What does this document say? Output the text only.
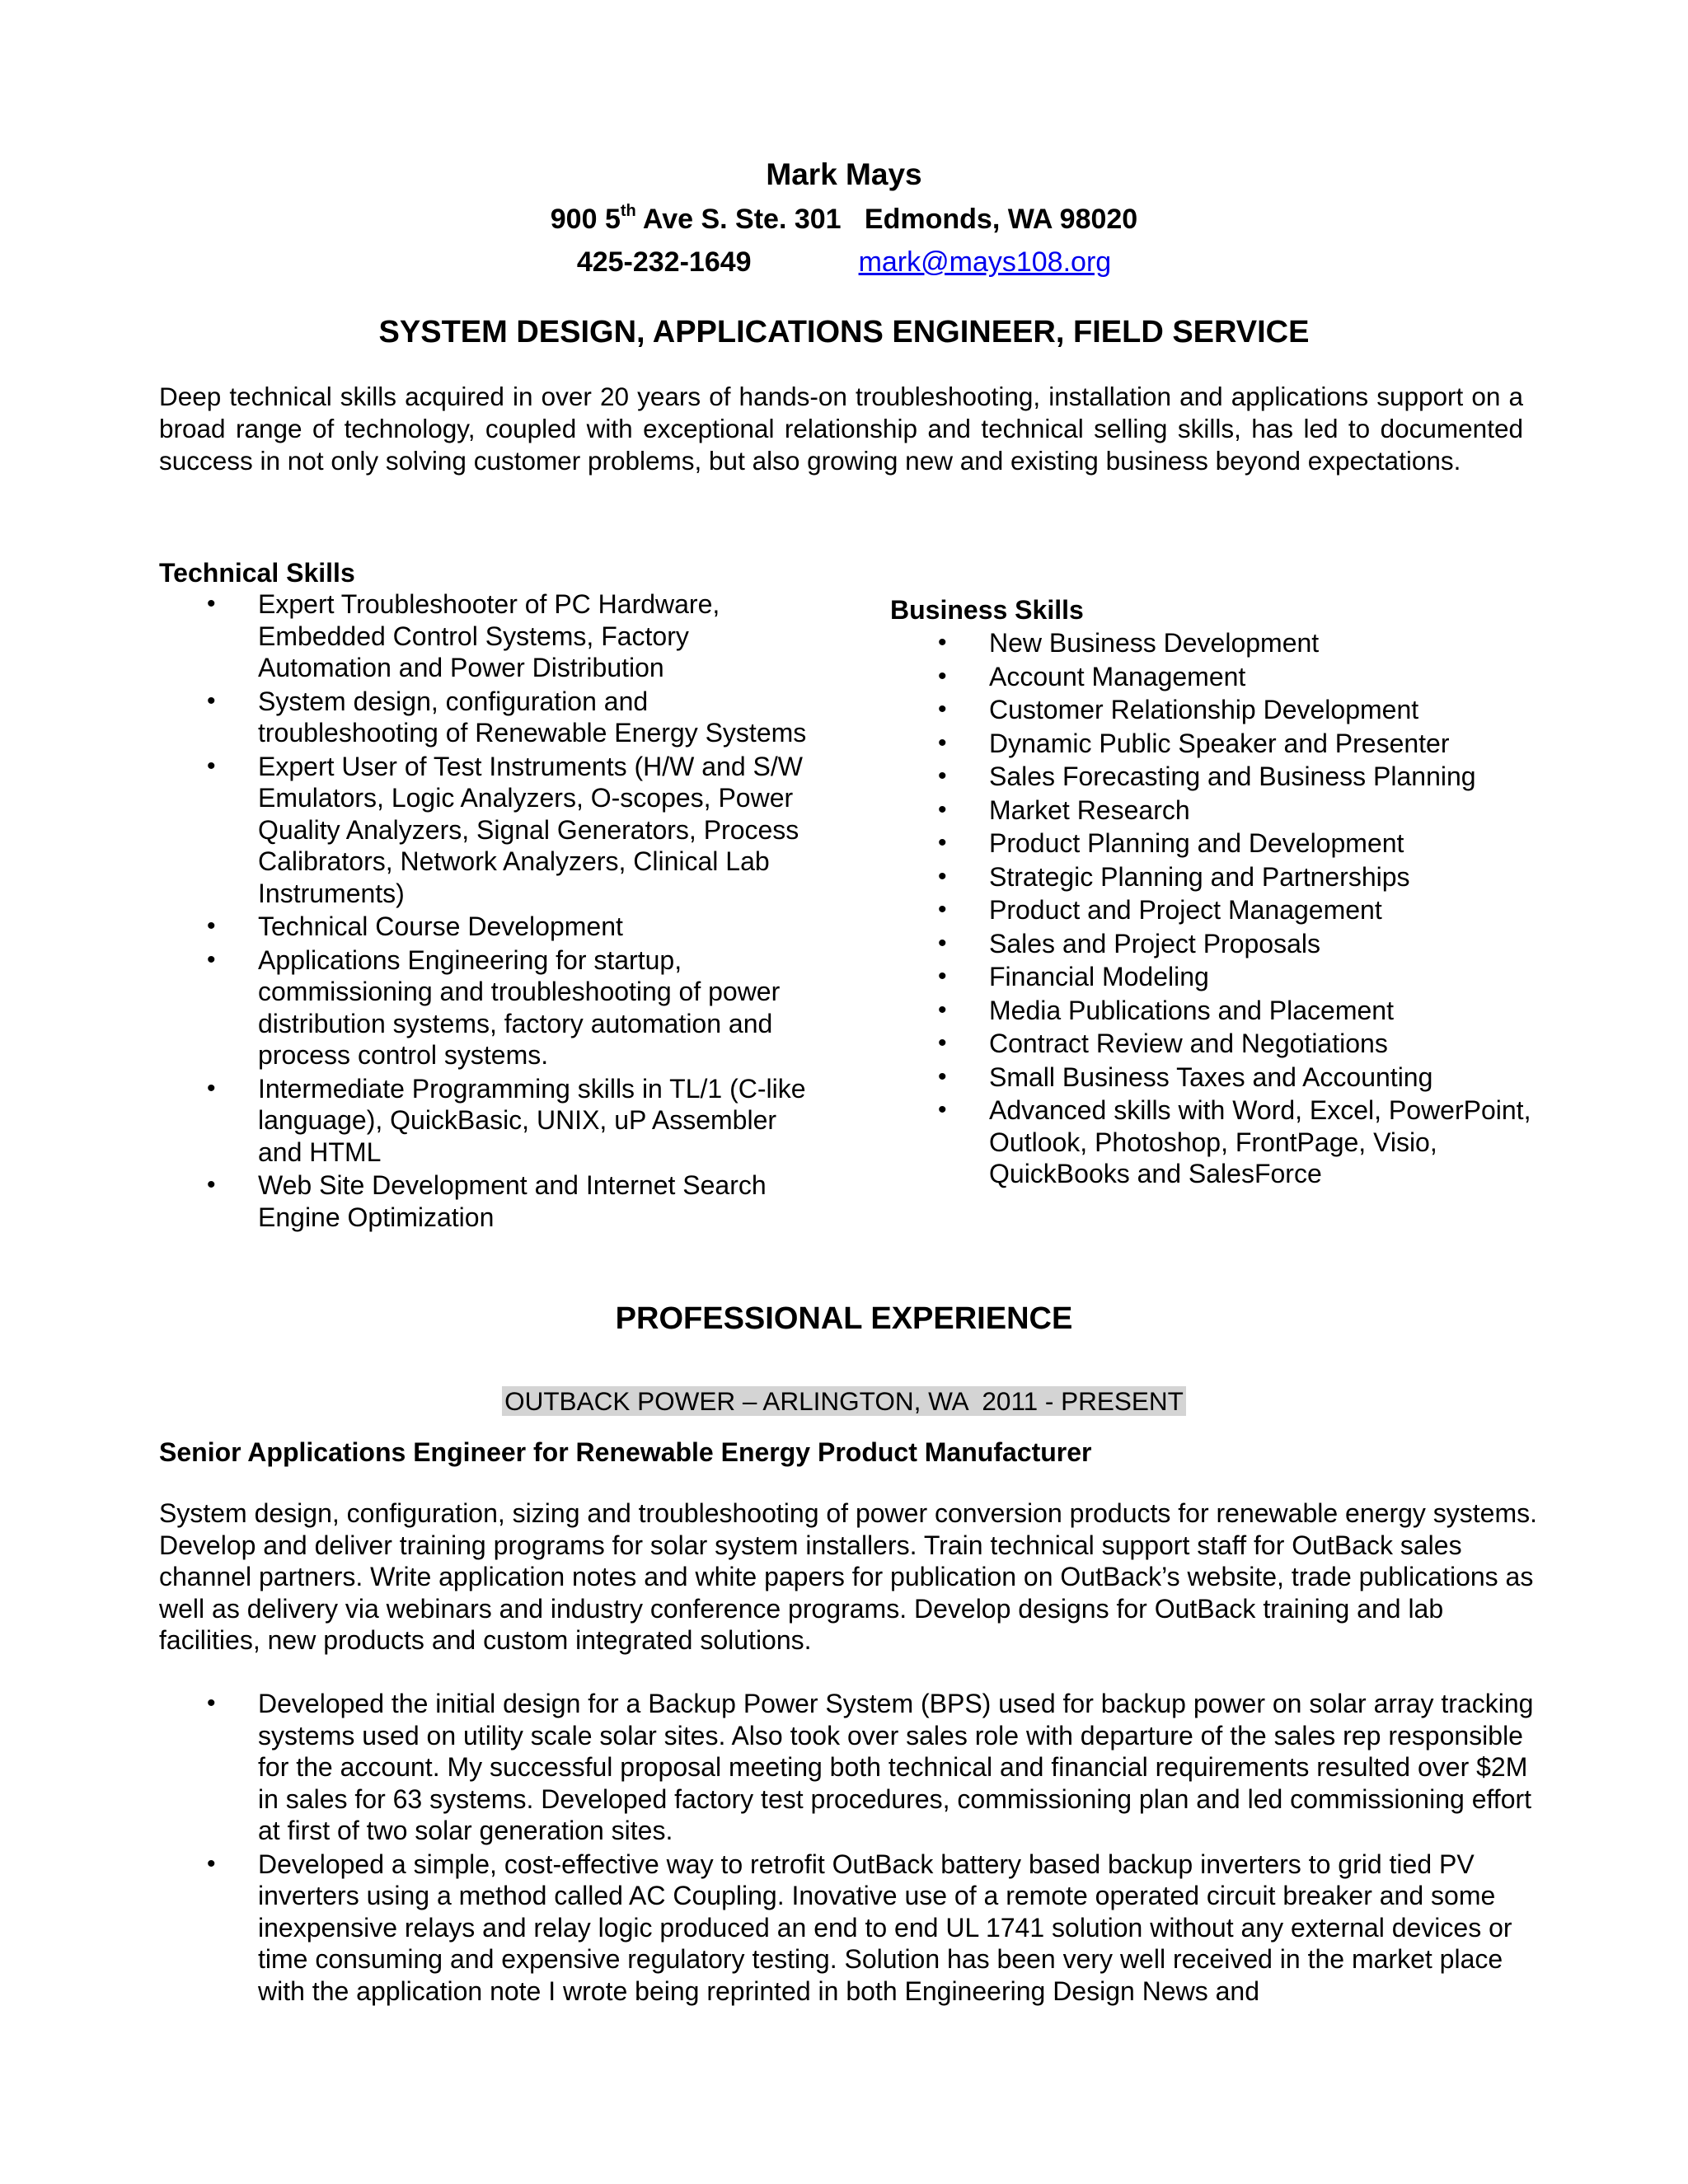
Mark Mays
900 5th Ave S. Ste. 301   Edmonds, WA 98020
425-232-1649	mark@mays108.org
SYSTEM DESIGN, APPLICATIONS ENGINEER, FIELD SERVICE

Deep technical skills acquired in over 20 years of hands-on troubleshooting, installation and applications support on a broad range of technology, coupled with exceptional relationship and technical selling skills, has led to documented success in not only solving customer problems, but also growing new and existing business beyond expectations.

Technical Skills
• Expert Troubleshooter of PC Hardware, Embedded Control Systems, Factory Automation and Power Distribution
• System design, configuration and troubleshooting of Renewable Energy Systems
• Expert User of Test Instruments (H/W and S/W Emulators, Logic Analyzers, O-scopes, Power Quality Analyzers, Signal Generators, Process Calibrators, Network Analyzers, Clinical Lab Instruments)
• Technical Course Development
• Applications Engineering for startup, commissioning and troubleshooting of power distribution systems, factory automation and process control systems.
• Intermediate Programming skills in TL/1 (C-like language), QuickBasic, UNIX, uP Assembler and HTML
• Web Site Development and Internet Search Engine Optimization
Business Skills
• New Business Development
• Account Management
• Customer Relationship Development
• Dynamic Public Speaker and Presenter
• Sales Forecasting and Business Planning
• Market Research
• Product Planning and Development
• Strategic Planning and Partnerships
• Product and Project Management
• Sales and Project Proposals
• Financial Modeling
• Media Publications and Placement
• Contract Review and Negotiations
• Small Business Taxes and Accounting
• Advanced skills with Word, Excel, PowerPoint, Outlook, Photoshop, FrontPage, Visio, QuickBooks and SalesForce
PROFESSIONAL EXPERIENCE
OUTBACK POWER – ARLINGTON, WA  2011 - PRESENT
Senior Applications Engineer for Renewable Energy Product Manufacturer

System design, configuration, sizing and troubleshooting of power conversion products for renewable energy systems. Develop and deliver training programs for solar system installers. Train technical support staff for OutBack sales channel partners. Write application notes and white papers for publication on OutBack’s website, trade publications as well as delivery via webinars and industry conference programs. Develop designs for OutBack training and lab facilities, new products and custom integrated solutions.

• Developed the initial design for a Backup Power System (BPS) used for backup power on solar array tracking systems used on utility scale solar sites. Also took over sales role with departure of the sales rep responsible for the account. My successful proposal meeting both technical and financial requirements resulted over $2M in sales for 63 systems. Developed factory test procedures, commissioning plan and led commissioning effort at first of two solar generation sites.
• Developed a simple, cost-effective way to retrofit OutBack battery based backup inverters to grid tied PV inverters using a method called AC Coupling. Inovative use of a remote operated circuit breaker and some inexpensive relays and relay logic produced an end to end UL 1741 solution without any external devices or time consuming and expensive regulatory testing. Solution has been very well received in the market place with the application note I wrote being reprinted in both Engineering Design News and
